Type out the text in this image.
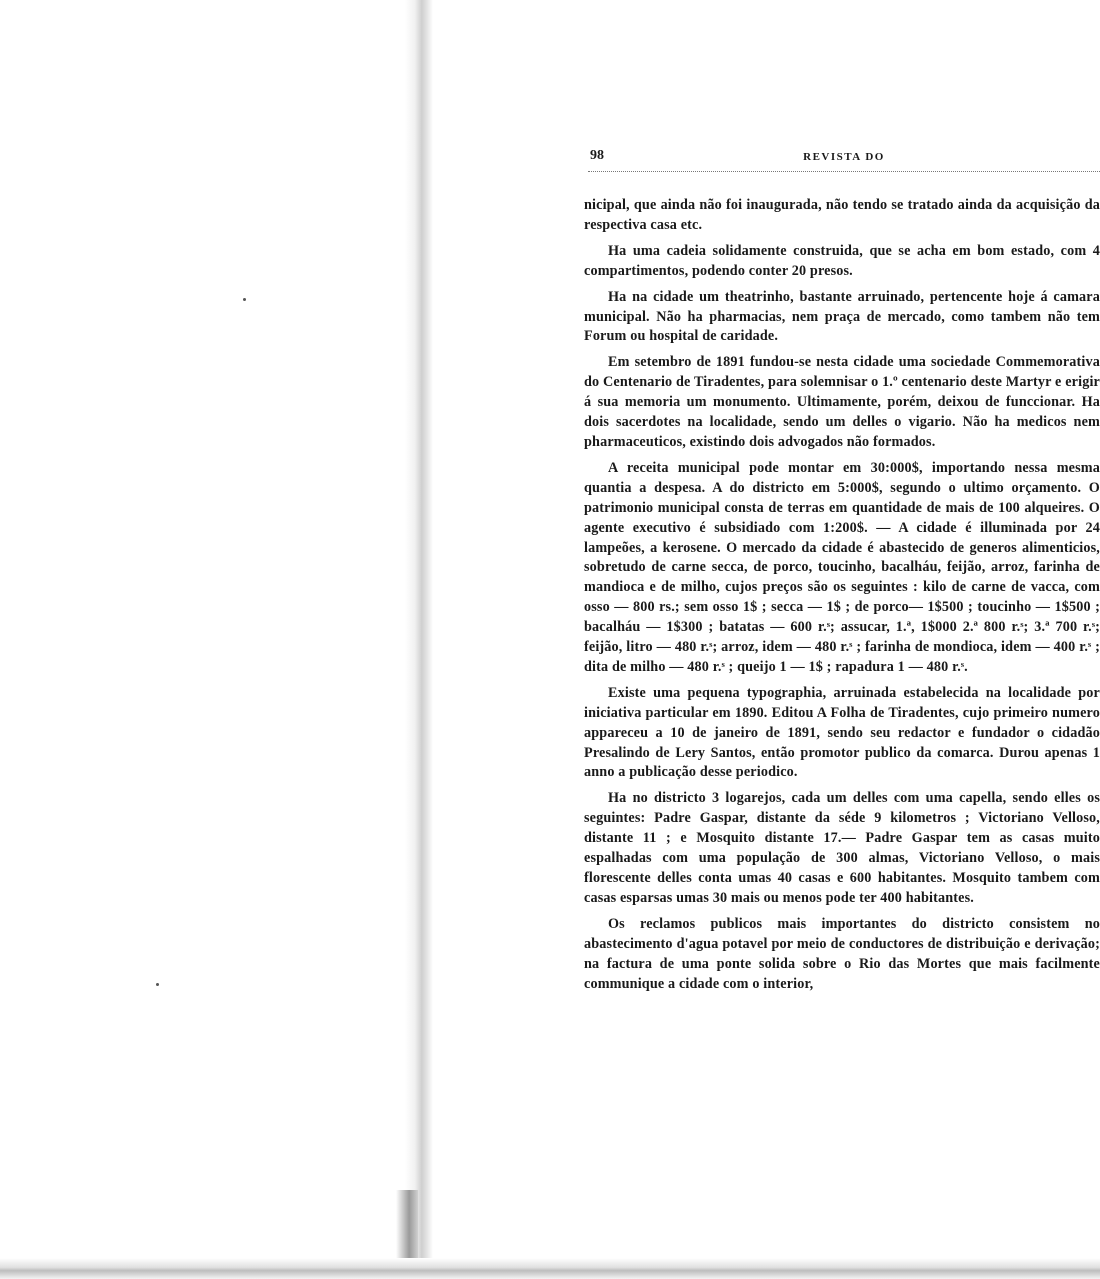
98	REVISTA DO

nicipal, que ainda não foi inaugurada, não tendo se tratado ainda da acquisição da respectiva casa etc.

Ha uma cadeia solidamente construida, que se acha em bom estado, com 4 compartimentos, podendo conter 20 presos.

Ha na cidade um theatrinho, bastante arruinado, pertencente hoje á camara municipal. Não ha pharmacias, nem praça de mercado, como tambem não tem Forum ou hospital de caridade.

Em setembro de 1891 fundou-se nesta cidade uma sociedade Commemorativa do Centenario de Tiradentes, para solemnisar o 1.º centenario deste Martyr e erigir á sua memoria um monumento. Ultimamente, porém, deixou de funccionar. Ha dois sacerdotes na localidade, sendo um delles o vigario. Não ha medicos nem pharmaceuticos, existindo dois advogados não formados.

A receita municipal pode montar em 30:000$, importando nessa mesma quantia a despesa. A do districto em 5:000$, segundo o ultimo orçamento. O patrimonio municipal consta de terras em quantidade de mais de 100 alqueires. O agente executivo é subsidiado com 1:200$. — A cidade é illuminada por 24 lampeões, a kerosene. O mercado da cidade é abastecido de generos alimenticios, sobretudo de carne secca, de porco, toucinho, bacalháu, feijão, arroz, farinha de mandioca e de milho, cujos preços são os seguintes : kilo de carne de vacca, com osso — 800 rs.; sem osso 1$ ; secca — 1$ ; de porco— 1$500 ; toucinho — 1$500 ; bacalháu — 1$300 ; batatas — 600 r.ˢ; assucar, 1.ª, 1$000 2.ª 800 r.ˢ; 3.ª 700 r.ˢ; feijão, litro — 480 r.ˢ; arroz, idem — 480 r.ˢ ; farinha de mondioca, idem — 400 r.ˢ ; dita de milho — 480 r.ˢ ; queijo 1 — 1$ ; rapadura 1 — 480 r.ˢ.

Existe uma pequena typographia, arruinada estabelecida na localidade por iniciativa particular em 1890. Editou A Folha de Tiradentes, cujo primeiro numero appareceu a 10 de janeiro de 1891, sendo seu redactor e fundador o cidadão Presalindo de Lery Santos, então promotor publico da comarca. Durou apenas 1 anno a publicação desse periodico.

Ha no districto 3 logarejos, cada um delles com uma capella, sendo elles os seguintes: Padre Gaspar, distante da séde 9 kilometros ; Victoriano Velloso, distante 11 ; e Mosquito distante 17.— Padre Gaspar tem as casas muito espalhadas com uma população de 300 almas, Victoriano Velloso, o mais florescente delles conta umas 40 casas e 600 habitantes. Mosquito tambem com casas esparsas umas 30 mais ou menos pode ter 400 habitantes.

Os reclamos publicos mais importantes do districto consistem no abastecimento d'agua potavel por meio de conductores de distribuição e derivação; na factura de uma ponte solida sobre o Rio das Mortes que mais facilmente communique a cidade com o interior,
